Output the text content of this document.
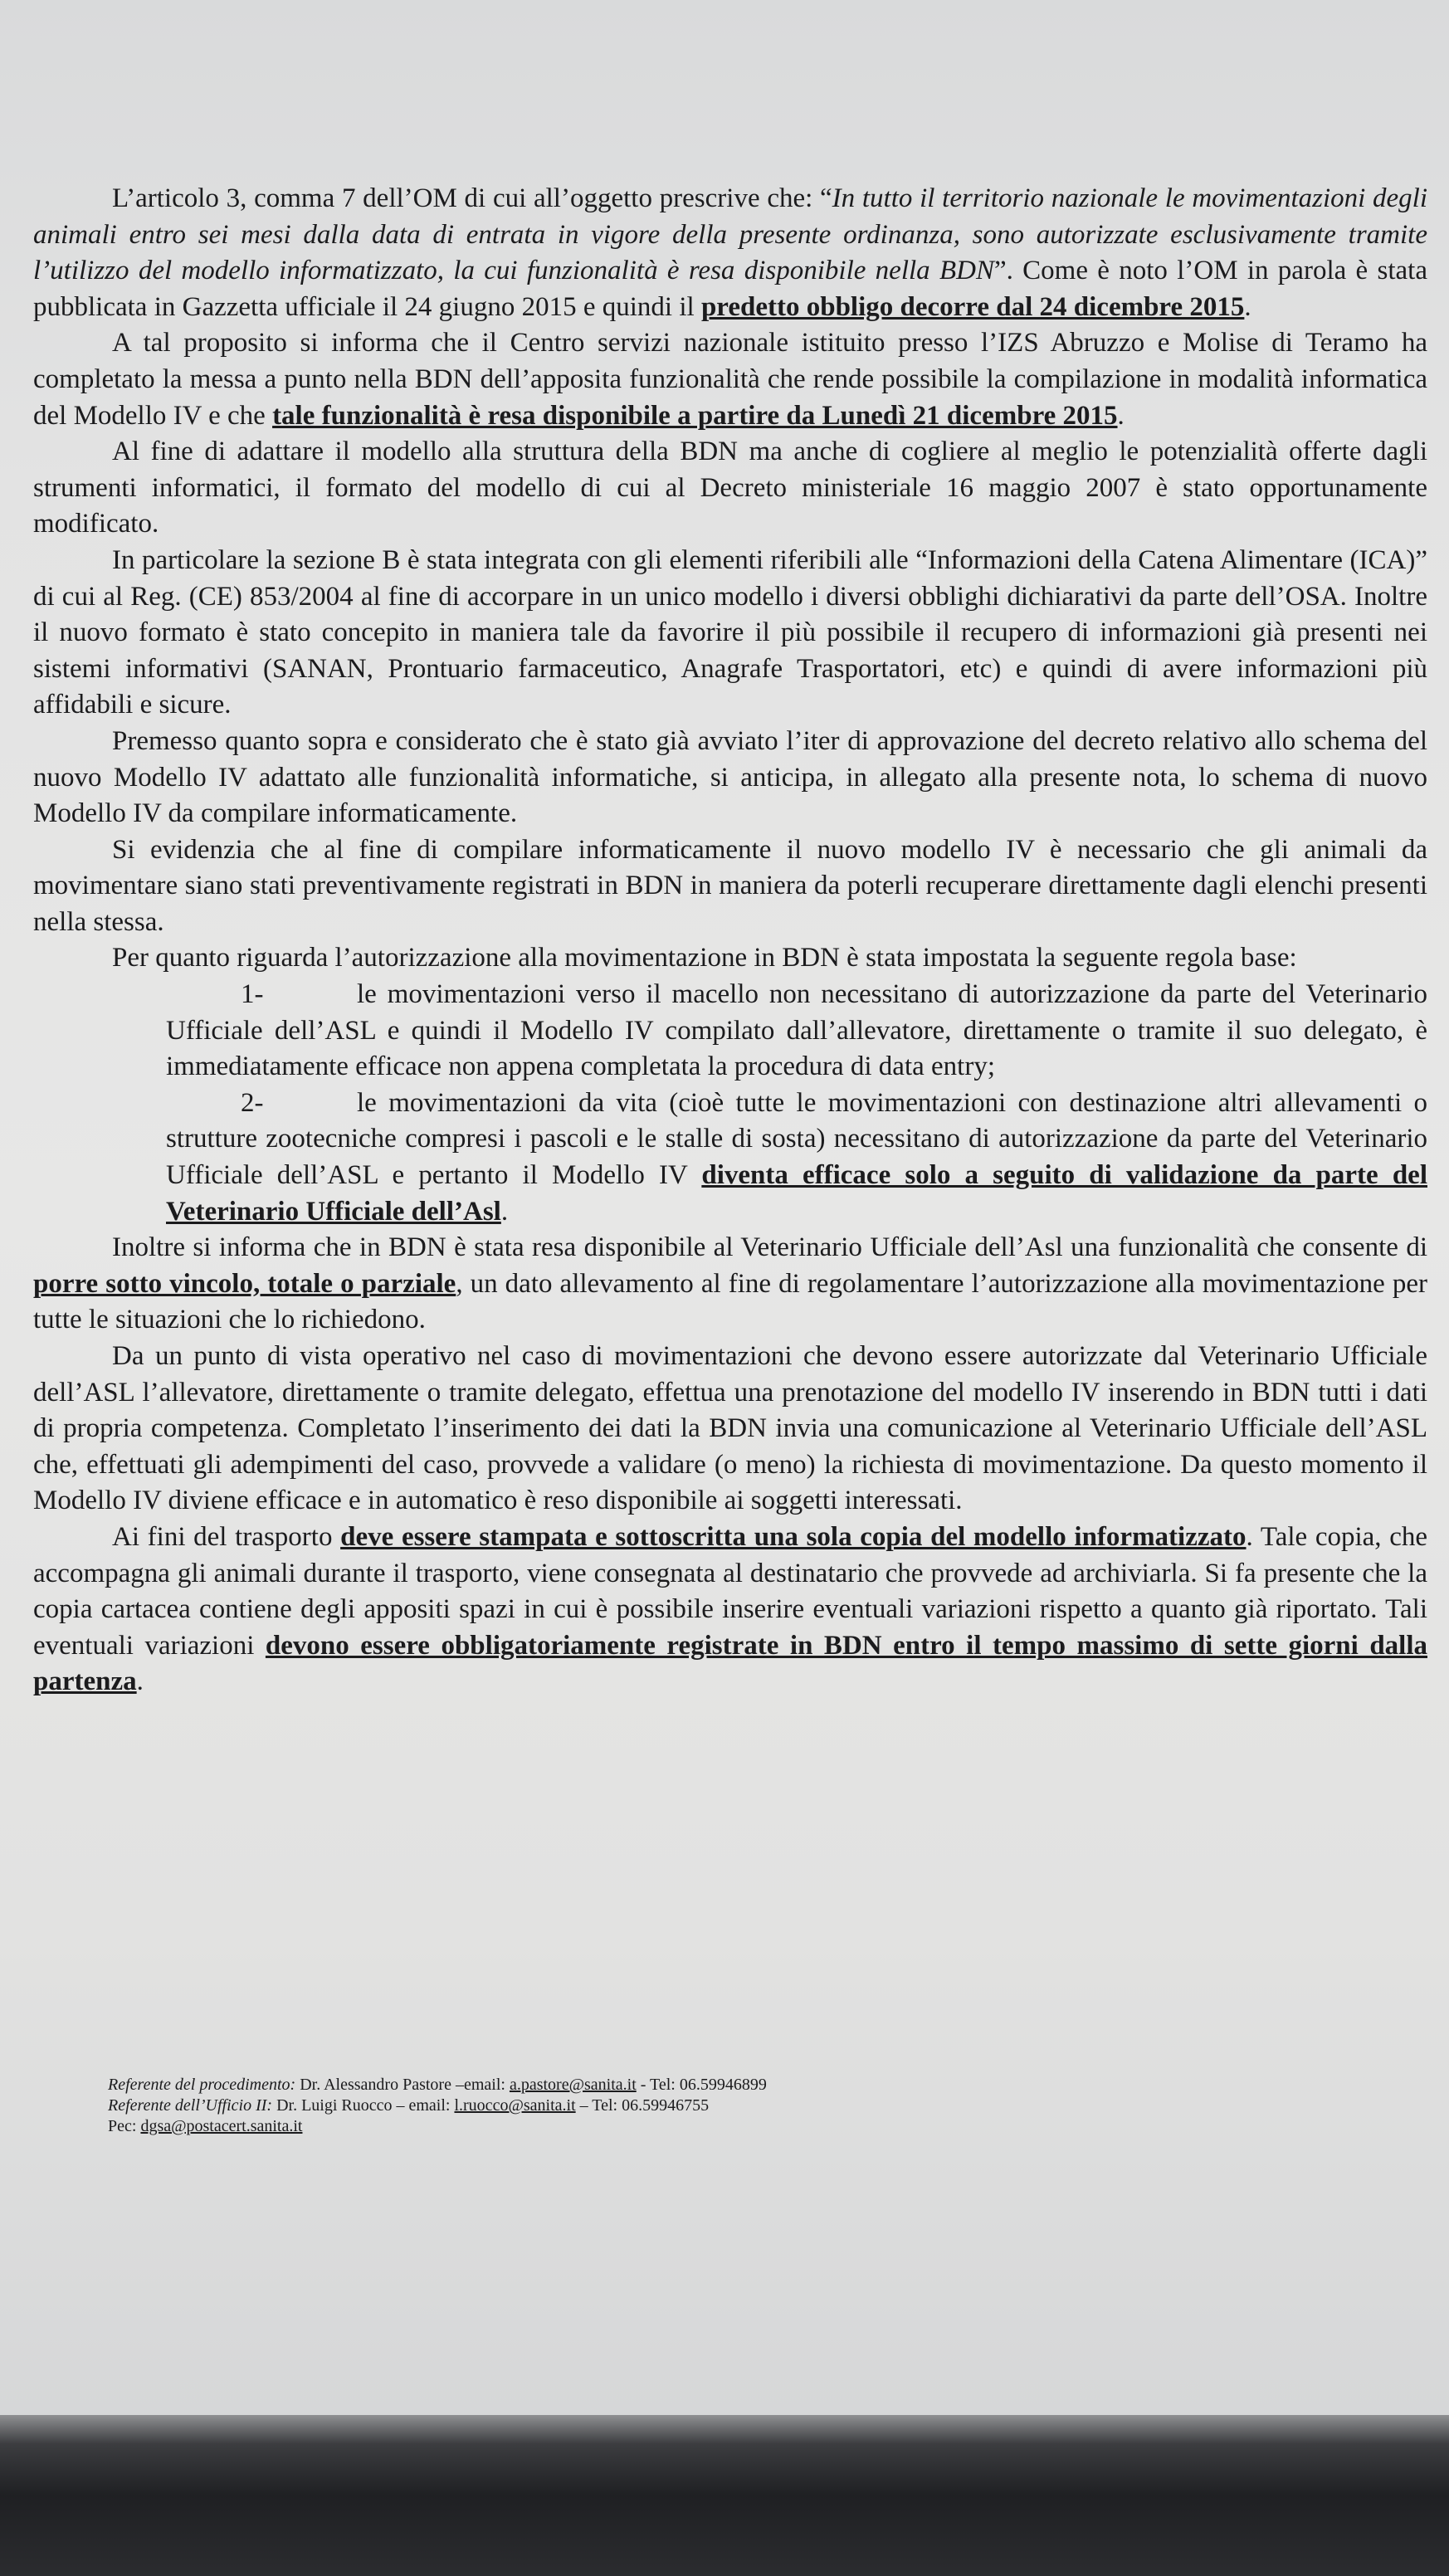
L’articolo 3, comma 7 dell’OM di cui all’oggetto prescrive che: “In tutto il territorio nazionale le movimentazioni degli animali entro sei mesi dalla data di entrata in vigore della presente ordinanza, sono autorizzate esclusivamente tramite l’utilizzo del modello informatizzato, la cui funzionalità è resa disponibile nella BDN”. Come è noto l’OM in parola è stata pubblicata in Gazzetta ufficiale il 24 giugno 2015 e quindi il predetto obbligo decorre dal 24 dicembre 2015.

A tal proposito si informa che il Centro servizi nazionale istituito presso l’IZS Abruzzo e Molise di Teramo ha completato la messa a punto nella BDN dell’apposita funzionalità che rende possibile la compilazione in modalità informatica del Modello IV e che tale funzionalità è resa disponibile a partire da Lunedì 21 dicembre 2015.

Al fine di adattare il modello alla struttura della BDN ma anche di cogliere al meglio le potenzialità offerte dagli strumenti informatici, il formato del modello di cui al Decreto ministeriale 16 maggio 2007 è stato opportunamente modificato.

In particolare la sezione B è stata integrata con gli elementi riferibili alle “Informazioni della Catena Alimentare (ICA)” di cui al Reg. (CE) 853/2004 al fine di accorpare in un unico modello i diversi obblighi dichiarativi da parte dell’OSA. Inoltre il nuovo formato è stato concepito in maniera tale da favorire il più possibile il recupero di informazioni già presenti nei sistemi informativi (SANAN, Prontuario farmaceutico, Anagrafe Trasportatori, etc) e quindi di avere informazioni più affidabili e sicure.

Premesso quanto sopra e considerato che è stato già avviato l’iter di approvazione del decreto relativo allo schema del nuovo Modello IV adattato alle funzionalità informatiche, si anticipa, in allegato alla presente nota, lo schema di nuovo Modello IV da compilare informaticamente.

Si evidenzia che al fine di compilare informaticamente il nuovo modello IV è necessario che gli animali da movimentare siano stati preventivamente registrati in BDN in maniera da poterli recuperare direttamente dagli elenchi presenti nella stessa.

Per quanto riguarda l’autorizzazione alla movimentazione in BDN è stata impostata la seguente regola base:

1-	le movimentazioni verso il macello non necessitano di autorizzazione da parte del Veterinario Ufficiale dell’ASL e quindi il Modello IV compilato dall’allevatore, direttamente o tramite il suo delegato, è immediatamente efficace non appena completata la procedura di data entry;

2-	le movimentazioni da vita (cioè tutte le movimentazioni con destinazione altri allevamenti o strutture zootecniche compresi i pascoli e le stalle di sosta) necessitano di autorizzazione da parte del Veterinario Ufficiale dell’ASL e pertanto il Modello IV diventa efficace solo a seguito di validazione da parte del Veterinario Ufficiale dell’Asl.

Inoltre si informa che in BDN è stata resa disponibile al Veterinario Ufficiale dell’Asl una funzionalità che consente di porre sotto vincolo, totale o parziale, un dato allevamento al fine di regolamentare l’autorizzazione alla movimentazione per tutte le situazioni che lo richiedono.

Da un punto di vista operativo nel caso di movimentazioni che devono essere autorizzate dal Veterinario Ufficiale dell’ASL l’allevatore, direttamente o tramite delegato, effettua una prenotazione del modello IV inserendo in BDN tutti i dati di propria competenza. Completato l’inserimento dei dati la BDN invia una comunicazione al Veterinario Ufficiale dell’ASL che, effettuati gli adempimenti del caso, provvede a validare (o meno) la richiesta di movimentazione. Da questo momento il Modello IV diviene efficace e in automatico è reso disponibile ai soggetti interessati.

Ai fini del trasporto deve essere stampata e sottoscritta una sola copia del modello informatizzato. Tale copia, che accompagna gli animali durante il trasporto, viene consegnata al destinatario che provvede ad archiviarla. Si fa presente che la copia cartacea contiene degli appositi spazi in cui è possibile inserire eventuali variazioni rispetto a quanto già riportato. Tali eventuali variazioni devono essere obbligatoriamente registrate in BDN entro il tempo massimo di sette giorni dalla partenza.

Referente del procedimento: Dr. Alessandro Pastore –email: a.pastore@sanita.it - Tel: 06.59946899
Referente dell’Ufficio II: Dr. Luigi Ruocco – email: l.ruocco@sanita.it – Tel: 06.59946755
Pec: dgsa@postacert.sanita.it
